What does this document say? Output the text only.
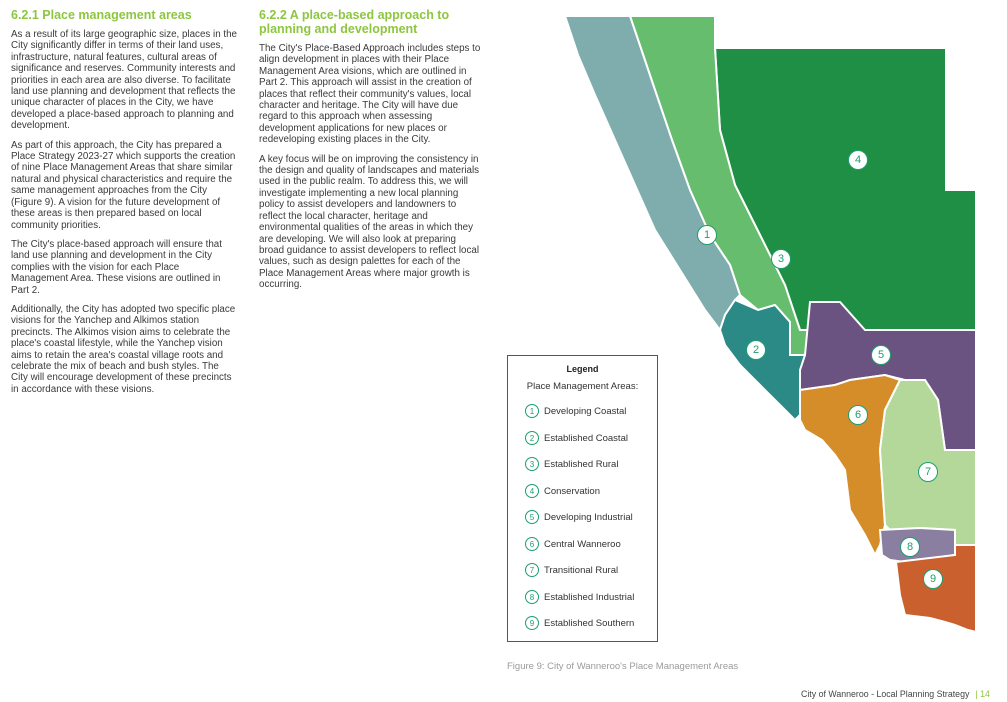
6.2.1 Place management areas

As a result of its large geographic size, places in the City significantly differ in terms of their land uses, infrastructure, natural features, cultural areas of significance and reserves. Community interests and priorities in each area are also diverse. To facilitate land use planning and development that reflects the unique character of places in the City, we have developed a place-based approach to planning and development.

As part of this approach, the City has prepared a Place Strategy 2023-27 which supports the creation of nine Place Management Areas that share similar natural and physical characteristics and require the same management approaches from the City (Figure 9). A vision for the future development of these areas is then prepared based on local community priorities.

The City's place-based approach will ensure that land use planning and development in the City complies with the vision for each Place Management Area. These visions are outlined in Part 2.

Additionally, the City has adopted two specific place visions for the Yanchep and Alkimos station precincts. The Alkimos vision aims to celebrate the place's coastal lifestyle, while the Yanchep vision aims to retain the area's coastal village roots and celebrate the mix of beach and bush styles. The City will encourage development of these precincts in accordance with these visions.

6.2.2 A place-based approach to planning and development

The City's Place-Based Approach includes steps to align development in places with their Place Management Area visions, which are outlined in Part 2. This approach will assist in the creation of places that reflect their community's values, local character and heritage. The City will have due regard to this approach when assessing development applications for new places or redeveloping existing places in the City.

A key focus will be on improving the consistency in the design and quality of landscapes and materials used in the public realm. To address this, we will investigate implementing a new local planning policy to assist developers and landowners to reflect the local character, heritage and environmental qualities of the areas in which they are developing. We will also look at preparing broad guidance to assist developers to reflect local values, such as design palettes for each of the Place Management Areas where major growth is occurring.

1
2
3
4
5
6
7
8
9
Legend
Place Management Areas:
1	Developing Coastal
2	Established Coastal
3	Established Rural
4	Conservation
5	Developing Industrial
6	Central Wanneroo
7	Transitional Rural
8	Established Industrial
9	Established Southern
Figure 9: City of Wanneroo's Place Management Areas
City of Wanneroo - Local Planning Strategy | 14
